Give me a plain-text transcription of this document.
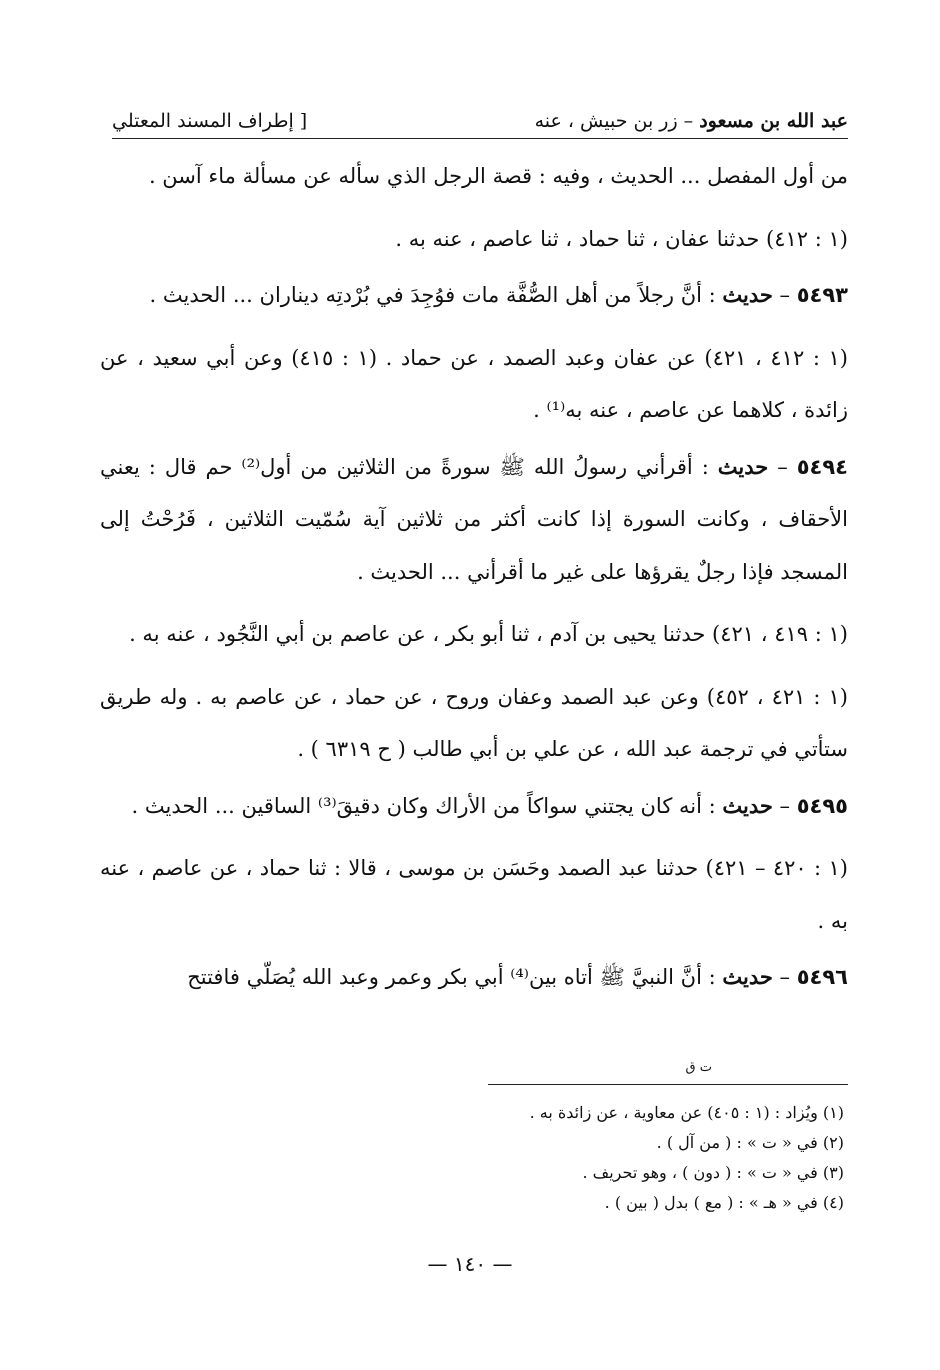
عبد الله بن مسعود – زر بن حبيش ، عنه
[ إطراف المسند المعتلي

من أول المفصل ... الحديث ، وفيه : قصة الرجل الذي سأله عن مسألة ماء آسن .

(١ : ٤١٢) حدثنا عفان ، ثنا حماد ، ثنا عاصم ، عنه به .

٥٤٩٣ – حديث : أنَّ رجلاً من أهل الصُّفَّة مات فوُجِدَ في بُرْدتِه ديناران ... الحديث .

(١ : ٤١٢ ، ٤٢١) عن عفان وعبد الصمد ، عن حماد . (١ : ٤١٥) وعن أبي سعيد ، عن زائدة ، كلاهما عن عاصم ، عنه به⁽¹⁾ .

٥٤٩٤ – حديث : أقرأني رسولُ الله ﷺ سورةً من الثلاثين من أول⁽²⁾ حم قال : يعني الأحقاف ، وكانت السورة إذا كانت أكثر من ثلاثين آية سُمّيت الثلاثين ، فَرُحْتُ إلى المسجد فإذا رجلٌ يقرؤها على غير ما أقرأني ... الحديث .

(١ : ٤١٩ ، ٤٢١) حدثنا يحيى بن آدم ، ثنا أبو بكر ، عن عاصم بن أبي النَّجُود ، عنه به .

(١ : ٤٢١ ، ٤٥٢) وعن عبد الصمد وعفان وروح ، عن حماد ، عن عاصم به . وله طريق ستأتي في ترجمة عبد الله ، عن علي بن أبي طالب ( ح ٦٣١٩ ) .

٥٤٩٥ – حديث : أنه كان يجتني سواكاً من الأراك وكان دقيقَ⁽³⁾ الساقين ... الحديث .

(١ : ٤٢٠ – ٤٢١) حدثنا عبد الصمد وحَسَن بن موسى ، قالا : ثنا حماد ، عن عاصم ، عنه به .

٥٤٩٦ – حديث : أنَّ النبيَّ ﷺ أتاه بين⁽⁴⁾ أبي بكر وعمر وعبد الله يُصَلّي فافتتح

ت ق
(١) ويُزاد : (١ : ٤٠٥) عن معاوية ، عن زائدة به .
(٢) في « ت » : ( من آل ) .
(٣) في « ت » : ( دون ) ، وهو تحريف .
(٤) في « هـ » : ( مع ) بدل ( بين ) .
— ١٤٠ —
